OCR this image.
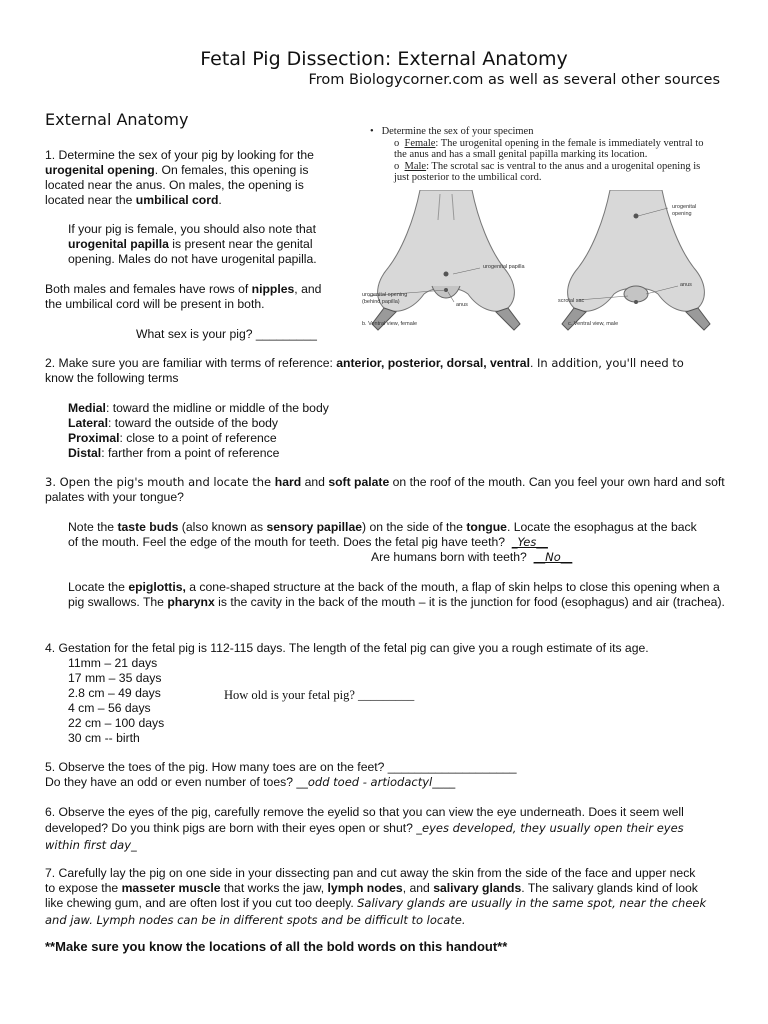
Fetal Pig Dissection: External Anatomy
From Biologycorner.com as well as several other sources
External Anatomy
•   Determine the sex of your specimen
o  Female: The urogenital opening in the female is immediately ventral to the anus and has a small genital papilla marking its location.
o  Male: The scrotal sac is ventral to the anus and a urogenital opening is just posterior to the umbilical cord.
urogenital papilla
urogenital opening
(behind papilla)	anus
b. Ventral view, female
urogenital
opening
anus
scrotal sac
c. Ventral view, male
1. Determine the sex of your pig by looking for the urogenital opening. On females, this opening is located near the anus. On males, the opening is located near the umbilical cord.
If your pig is female, you should also note that urogenital papilla is present near the genital opening. Males do not have urogenital papilla.
Both males and females have rows of nipples, and the umbilical cord will be present in both.
What sex is your pig? _________
2. Make sure you are familiar with terms of reference: anterior, posterior, dorsal, ventral. In addition, you'll need to
know the following terms
Medial: toward the midline or middle of the body
Lateral: toward the outside of the body
Proximal: close to a point of reference
Distal: farther from a point of reference
3. Open the pig's mouth and locate the hard and soft palate on the roof of the mouth. Can you feel your own hard and soft palates with your tongue?
Note the taste buds (also known as sensory papillae) on the side of the tongue. Locate the esophagus at the back
of the mouth. Feel the edge of the mouth for teeth. Does the fetal pig have teeth? _Yes__
Are humans born with teeth? __No__
Locate the epiglottis, a cone-shaped structure at the back of the mouth, a flap of skin helps to close this opening when a pig swallows. The pharynx is the cavity in the back of the mouth – it is the junction for food (esophagus) and air (trachea).
4. Gestation for the fetal pig is 112-115 days. The length of the fetal pig can give you a rough estimate of its age.
11mm – 21 days
17 mm – 35 days
2.8 cm – 49 days
4 cm – 56 days
22 cm – 100 days
30 cm -- birth
How old is your fetal pig? _________
5. Observe the toes of the pig. How many toes are on the feet? ___________________
Do they have an odd or even number of toes? __odd toed - artiodactyl____
6. Observe the eyes of the pig, carefully remove the eyelid so that you can view the eye underneath. Does it seem well
developed? Do you think pigs are born with their eyes open or shut? _eyes developed, they usually open their eyes
within first day_
7. Carefully lay the pig on one side in your dissecting pan and cut away the skin from the side of the face and upper neck
to expose the masseter muscle that works the jaw, lymph nodes, and salivary glands. The salivary glands kind of look
like chewing gum, and are often lost if you cut too deeply. Salivary glands are usually in the same spot, near the cheek
and jaw. Lymph nodes can be in different spots and be difficult to locate.
**Make sure you know the locations of all the bold words on this handout**
